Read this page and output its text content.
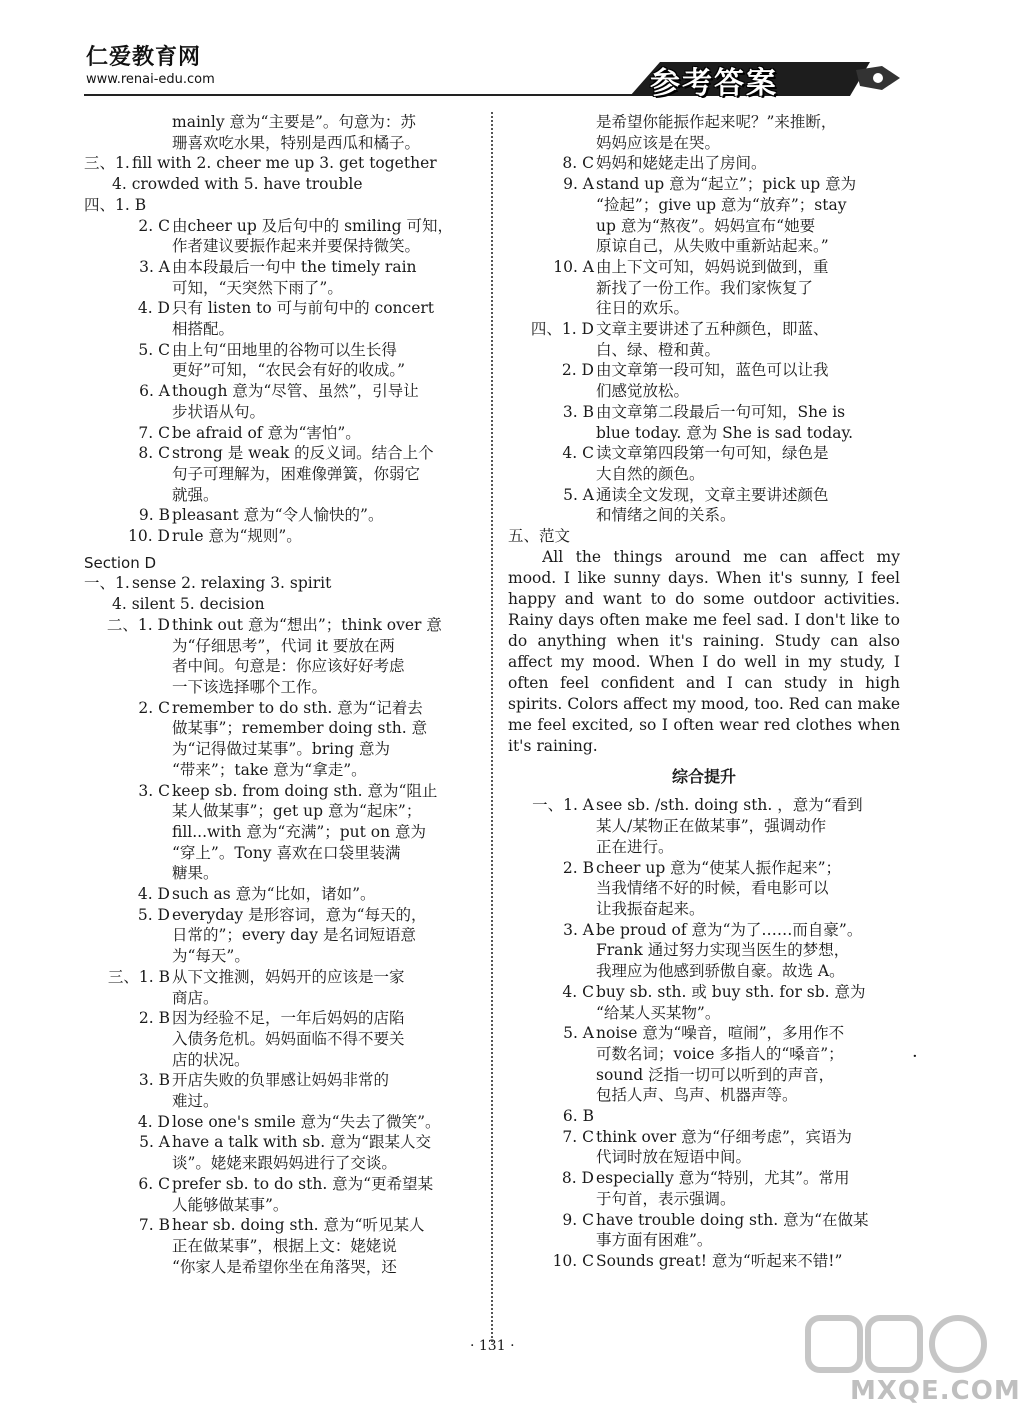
仁爱教育网
www.renai-edu.com	参考答案
mainly 意为“主要是”。句意为：苏
珊喜欢吃水果，特别是西瓜和橘子。
三、1. fill with 2. cheer me up 3. get together
4. crowded with 5. have trouble
四、1. B
2. C 由cheer up 及后句中的 smiling 可知，
作者建议要振作起来并要保持微笑。
3. A 由本段最后一句中 the timely rain
可知，“天突然下雨了”。
4. D 只有 listen to 可与前句中的 concert
相搭配。
5. C 由上句“田地里的谷物可以生长得
更好”可知，“农民会有好的收成。”
6. A though 意为“尽管、虽然”，引导让
步状语从句。
7. C be afraid of 意为“害怕”。
8. C strong 是 weak 的反义词。结合上个
句子可理解为，困难像弹簧，你弱它
就强。
9. B pleasant 意为“令人愉快的”。
10. D rule 意为“规则”。
Section D
一、1. sense 2. relaxing 3. spirit
4. silent 5. decision
二、1. D think out 意为“想出”；think over 意
为“仔细思考”，代词 it 要放在两
者中间。句意是：你应该好好考虑
一下该选择哪个工作。
2. C remember to do sth. 意为“记着去
做某事”；remember doing sth. 意
为“记得做过某事”。bring 意为
“带来”；take 意为“拿走”。
3. C keep sb. from doing sth. 意为“阻止
某人做某事”；get up 意为“起床”；
fill...with 意为“充满”；put on 意为
“穿上”。Tony 喜欢在口袋里装满
糖果。
4. D such as 意为“比如，诸如”。
5. D everyday 是形容词，意为“每天的，
日常的”；every day 是名词短语意
为“每天”。
三、1. B 从下文推测，妈妈开的应该是一家
商店。
2. B 因为经验不足，一年后妈妈的店陷
入债务危机。妈妈面临不得不要关
店的状况。
3. B 开店失败的负罪感让妈妈非常的
难过。
4. D lose one's smile 意为“失去了微笑”。
5. A have a talk with sb. 意为“跟某人交
谈”。姥姥来跟妈妈进行了交谈。
6. C prefer sb. to do sth. 意为“更希望某
人能够做某事”。
7. B hear sb. doing sth. 意为“听见某人
正在做某事”，根据上文：姥姥说
“你家人是希望你坐在角落哭，还
是希望你能振作起来呢？”来推断，
妈妈应该是在哭。
8. C 妈妈和姥姥走出了房间。
9. A stand up 意为“起立”；pick up 意为
“捡起”；give up 意为“放弃”；stay
up 意为“熬夜”。妈妈宣布“她要
原谅自己，从失败中重新站起来。”
10. A 由上下文可知，妈妈说到做到，重
新找了一份工作。我们家恢复了
往日的欢乐。
四、1. D 文章主要讲述了五种颜色，即蓝、
白、绿、橙和黄。
2. D 由文章第一段可知，蓝色可以让我
们感觉放松。
3. B 由文章第二段最后一句可知，She is
blue today. 意为 She is sad today.
4. C 读文章第四段第一句可知，绿色是
大自然的颜色。
5. A 通读全文发现，文章主要讲述颜色
和情绪之间的关系。
五、范文
All the things around me can affect my mood. I like sunny days. When it's sunny, I feel happy and want to do some outdoor activities. Rainy days often make me feel sad. I don't like to do anything when it's raining. Study can also affect my mood. When I do well in my study, I often feel confident and I can study in high spirits. Colors affect my mood, too. Red can make me feel excited, so I often wear red clothes when it's raining.
综合提升
一、1. A see sb. /sth. doing sth. ，意为“看到
某人/某物正在做某事”，强调动作
正在进行。
2. B cheer up 意为“使某人振作起来”；
当我情绪不好的时候，看电影可以
让我振奋起来。
3. A be proud of 意为“为了……而自豪”。
Frank 通过努力实现当医生的梦想，
我理应为他感到骄傲自豪。故选 A。
4. C buy sb. sth. 或 buy sth. for sb. 意为
“给某人买某物”。
5. A noise 意为“噪音，喧闹”，多用作不
可数名词；voice 多指人的“嗓音”；
sound 泛指一切可以听到的声音，
包括人声、鸟声、机器声等。
6. B

7. C think over 意为“仔细考虑”，宾语为
代词时放在短语中间。
8. D especially 意为“特别，尤其”。常用
于句首，表示强调。
9. C have trouble doing sth. 意为“在做某
事方面有困难”。
10. C Sounds great! 意为“听起来不错!”
·
· 131 ·
MXQE.COM
